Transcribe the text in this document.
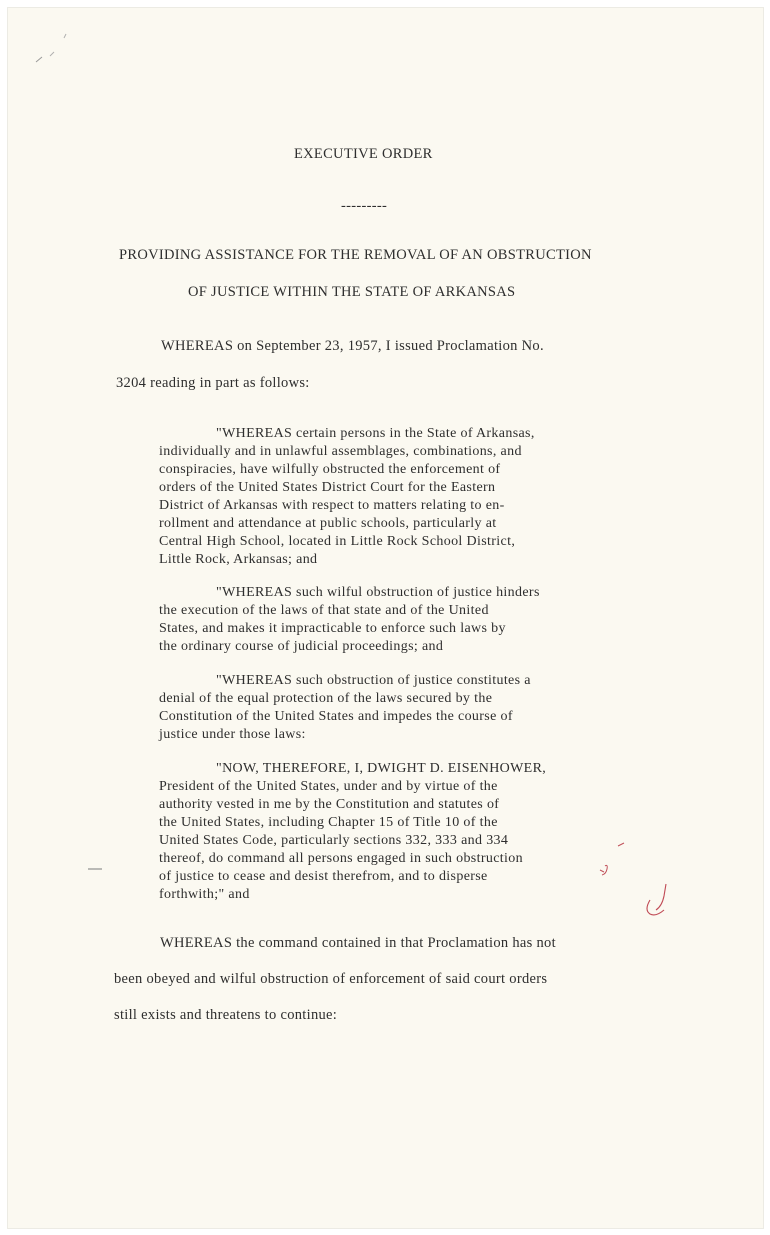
EXECUTIVE ORDER
---------
PROVIDING ASSISTANCE FOR THE REMOVAL OF AN OBSTRUCTION
OF JUSTICE WITHIN THE STATE OF ARKANSAS
WHEREAS on September 23, 1957, I issued Proclamation No.
3204 reading in part as follows:
"WHEREAS certain persons in the State of Arkansas,
individually and in unlawful assemblages, combinations, and
conspiracies, have wilfully obstructed the enforcement of
orders of the United States District Court for the Eastern
District of Arkansas with respect to matters relating to en-
rollment and attendance at public schools, particularly at
Central High School, located in Little Rock School District,
Little Rock, Arkansas; and
"WHEREAS such wilful obstruction of justice hinders
the execution of the laws of that state and of the United
States, and makes it impracticable to enforce such laws by
the ordinary course of judicial proceedings; and
"WHEREAS such obstruction of justice constitutes a
denial of the equal protection of the laws secured by the
Constitution of the United States and impedes the course of
justice under those laws:
"NOW, THEREFORE, I, DWIGHT D. EISENHOWER,
President of the United States, under and by virtue of the
authority vested in me by the Constitution and statutes of
the United States, including Chapter 15 of Title 10 of the
United States Code, particularly sections 332, 333 and 334
thereof, do command all persons engaged in such obstruction
of justice to cease and desist therefrom, and to disperse
forthwith;" and
WHEREAS the command contained in that Proclamation has not
been obeyed and wilful obstruction of enforcement of said court orders
still exists and threatens to continue:
